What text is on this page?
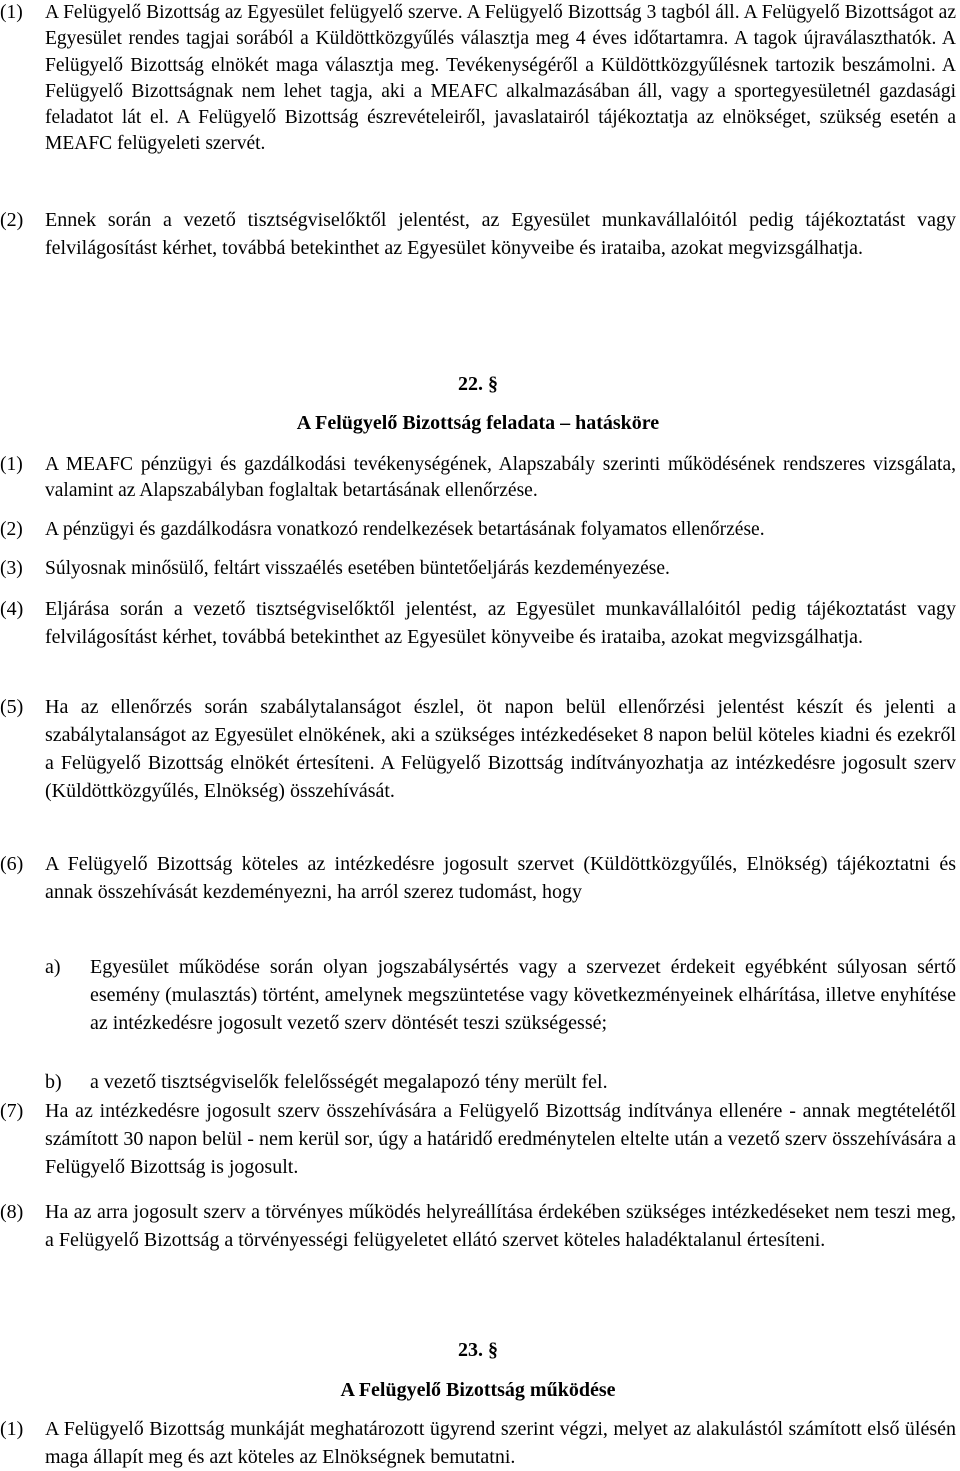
(1) A Felügyelő Bizottság az Egyesület felügyelő szerve. A Felügyelő Bizottság 3 tagból áll. A Felügyelő Bizottságot az Egyesület rendes tagjai sorából a Küldöttközgyűlés választja meg 4 éves időtartamra. A tagok újraválaszthatók. A Felügyelő Bizottság elnökét maga választja meg. Tevékenységéről a Küldöttközgyűlésnek tartozik beszámolni. A Felügyelő Bizottságnak nem lehet tagja, aki a MEAFC alkalmazásában áll, vagy a sportegyesületnél gazdasági feladatot lát el. A Felügyelő Bizottság észrevételeiről, javaslatairól tájékoztatja az elnökséget, szükség esetén a MEAFC felügyeleti szervét.
(2) Ennek során a vezető tisztségviselőktől jelentést, az Egyesület munkavállalóitól pedig tájékoztatást vagy felvilágosítást kérhet, továbbá betekinthet az Egyesület könyveibe és irataiba, azokat megvizsgálhatja.
22. §
A Felügyelő Bizottság feladata – hatásköre
(1) A MEAFC pénzügyi és gazdálkodási tevékenységének, Alapszabály szerinti működésének rendszeres vizsgálata, valamint az Alapszabályban foglaltak betartásának ellenőrzése.
(2) A pénzügyi és gazdálkodásra vonatkozó rendelkezések betartásának folyamatos ellenőrzése.
(3) Súlyosnak minősülő, feltárt visszaélés esetében büntetőeljárás kezdeményezése.
(4) Eljárása során a vezető tisztségviselőktől jelentést, az Egyesület munkavállalóitól pedig tájékoztatást vagy felvilágosítást kérhet, továbbá betekinthet az Egyesület könyveibe és irataiba, azokat megvizsgálhatja.
(5) Ha az ellenőrzés során szabálytalanságot észlel, öt napon belül ellenőrzési jelentést készít és jelenti a szabálytalanságot az Egyesület elnökének, aki a szükséges intézkedéseket 8 napon belül köteles kiadni és ezekről a Felügyelő Bizottság elnökét értesíteni. A Felügyelő Bizottság indítványozhatja az intézkedésre jogosult szerv (Küldöttközgyűlés, Elnökség) összehívását.
(6) A Felügyelő Bizottság köteles az intézkedésre jogosult szervet (Küldöttközgyűlés, Elnökség) tájékoztatni és annak összehívását kezdeményezni, ha arról szerez tudomást, hogy
a) Egyesület működése során olyan jogszabálysértés vagy a szervezet érdekeit egyébként súlyosan sértő esemény (mulasztás) történt, amelynek megszüntetése vagy következményeinek elhárítása, illetve enyhítése az intézkedésre jogosult vezető szerv döntését teszi szükségessé;
b) a vezető tisztségviselők felelősségét megalapozó tény merült fel.
(7) Ha az intézkedésre jogosult szerv összehívására a Felügyelő Bizottság indítványa ellenére - annak megtételétől számított 30 napon belül - nem kerül sor, úgy a határidő eredménytelen eltelte után a vezető szerv összehívására a Felügyelő Bizottság is jogosult.
(8) Ha az arra jogosult szerv a törvényes működés helyreállítása érdekében szükséges intézkedéseket nem teszi meg, a Felügyelő Bizottság a törvényességi felügyeletet ellátó szervet köteles haladéktalanul értesíteni.
23. §
A Felügyelő Bizottság működése
(1) A Felügyelő Bizottság munkáját meghatározott ügyrend szerint végzi, melyet az alakulástól számított első ülésén maga állapít meg és azt köteles az Elnökségnek bemutatni.
